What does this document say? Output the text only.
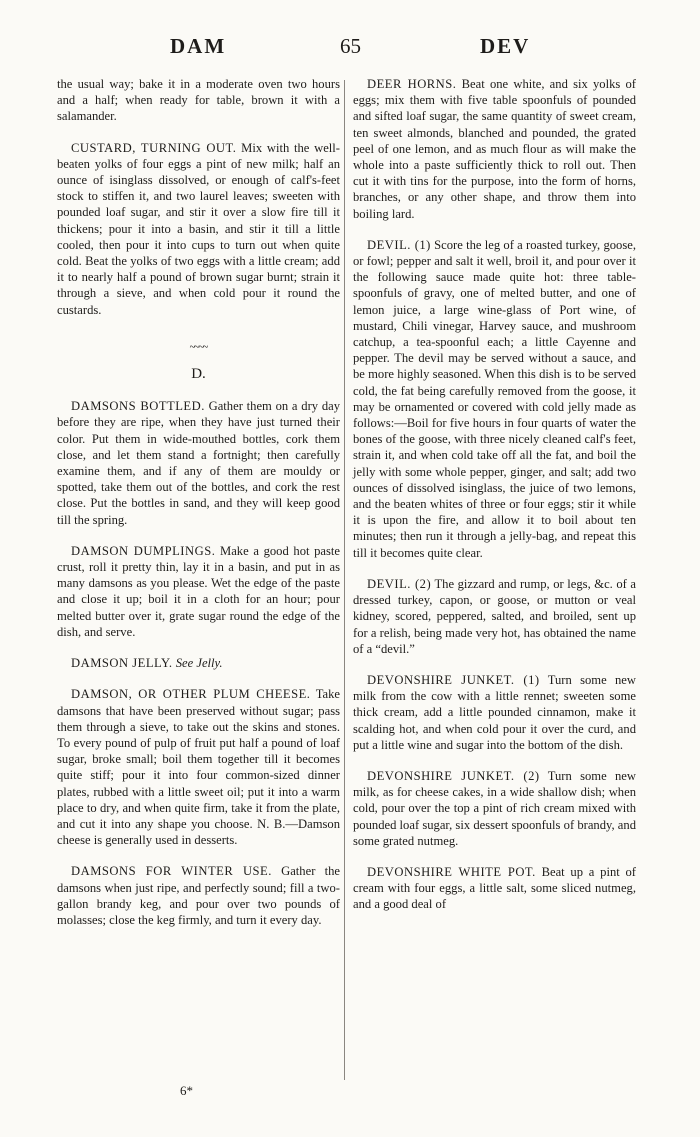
DAM	65	DEV

the usual way; bake it in a moderate oven two hours and a half; when ready for table, brown it with a salamander.

CUSTARD, TURNING OUT. Mix with the well-beaten yolks of four eggs a pint of new milk; half an ounce of isinglass dissolved, or enough of calf's-feet stock to stiffen it, and two laurel leaves; sweeten with pounded loaf sugar, and stir it over a slow fire till it thickens; pour it into a basin, and stir it till a little cooled, then pour it into cups to turn out when quite cold. Beat the yolks of two eggs with a little cream; add it to nearly half a pound of brown sugar burnt; strain it through a sieve, and when cold pour it round the custards.

~~~~
D.

DAMSONS BOTTLED. Gather them on a dry day before they are ripe, when they have just turned their color. Put them in wide-mouthed bottles, cork them close, and let them stand a fortnight; then carefully examine them, and if any of them are mouldy or spotted, take them out of the bottles, and cork the rest close. Put the bottles in sand, and they will keep good till the spring.

DAMSON DUMPLINGS. Make a good hot paste crust, roll it pretty thin, lay it in a basin, and put in as many damsons as you please. Wet the edge of the paste and close it up; boil it in a cloth for an hour; pour melted butter over it, grate sugar round the edge of the dish, and serve.

DAMSON JELLY. See Jelly.

DAMSON, OR OTHER PLUM CHEESE. Take damsons that have been preserved without sugar; pass them through a sieve, to take out the skins and stones. To every pound of pulp of fruit put half a pound of loaf sugar, broke small; boil them together till it becomes quite stiff; pour it into four common-sized dinner plates, rubbed with a little sweet oil; put it into a warm place to dry, and when quite firm, take it from the plate, and cut it into any shape you choose. N. B.—Damson cheese is generally used in desserts.

DAMSONS FOR WINTER USE. Gather the damsons when just ripe, and perfectly sound; fill a two-gallon brandy keg, and pour over two pounds of molasses; close the keg firmly, and turn it every day.

DEER HORNS. Beat one white, and six yolks of eggs; mix them with five table spoonfuls of pounded and sifted loaf sugar, the same quantity of sweet cream, ten sweet almonds, blanched and pounded, the grated peel of one lemon, and as much flour as will make the whole into a paste sufficiently thick to roll out. Then cut it with tins for the purpose, into the form of horns, branches, or any other shape, and throw them into boiling lard.

DEVIL. (1) Score the leg of a roasted turkey, goose, or fowl; pepper and salt it well, broil it, and pour over it the following sauce made quite hot: three table-spoonfuls of gravy, one of melted butter, and one of lemon juice, a large wine-glass of Port wine, of mustard, Chili vinegar, Harvey sauce, and mushroom catchup, a tea-spoonful each; a little Cayenne and pepper. The devil may be served without a sauce, and be more highly seasoned. When this dish is to be served cold, the fat being carefully removed from the goose, it may be ornamented or covered with cold jelly made as follows:—Boil for five hours in four quarts of water the bones of the goose, with three nicely cleaned calf's feet, strain it, and when cold take off all the fat, and boil the jelly with some whole pepper, ginger, and salt; add two ounces of dissolved isinglass, the juice of two lemons, and the beaten whites of three or four eggs; stir it while it is upon the fire, and allow it to boil about ten minutes; then run it through a jelly-bag, and repeat this till it becomes quite clear.

DEVIL. (2) The gizzard and rump, or legs, &c. of a dressed turkey, capon, or goose, or mutton or veal kidney, scored, peppered, salted, and broiled, sent up for a relish, being made very hot, has obtained the name of a “devil.”

DEVONSHIRE JUNKET. (1) Turn some new milk from the cow with a little rennet; sweeten some thick cream, add a little pounded cinnamon, make it scalding hot, and when cold pour it over the curd, and put a little wine and sugar into the bottom of the dish.

DEVONSHIRE JUNKET. (2) Turn some new milk, as for cheese cakes, in a wide shallow dish; when cold, pour over the top a pint of rich cream mixed with pounded loaf sugar, six dessert spoonfuls of brandy, and some grated nutmeg.

DEVONSHIRE WHITE POT. Beat up a pint of cream with four eggs, a little salt, some sliced nutmeg, and a good deal of

6*
